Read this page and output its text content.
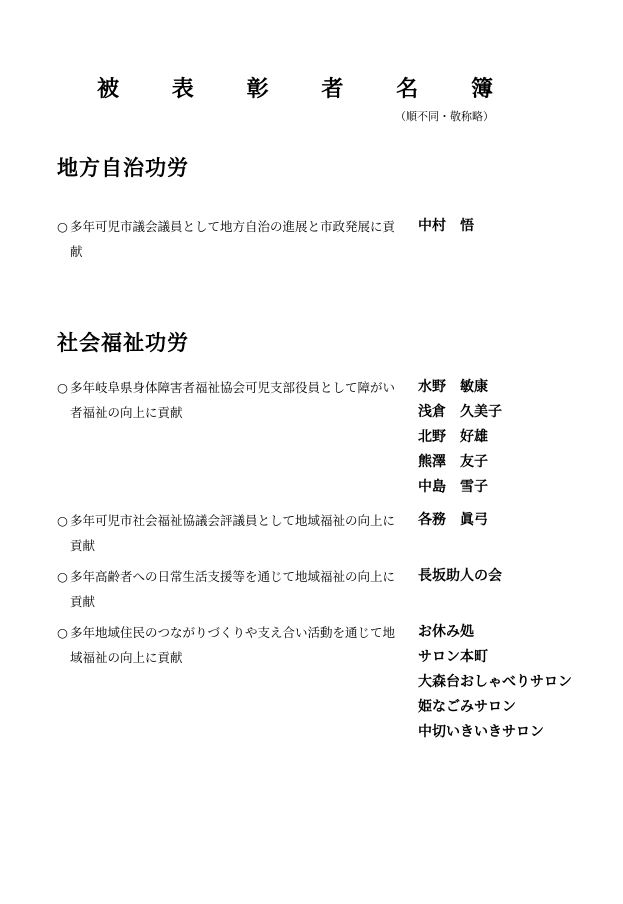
被 表 彰 者 名 簿
（順不同・敬称略）
地方自治功労
○ 多年可児市議会議員として地方自治の進展と市政発展に貢献
中村　悟
社会福祉功労
○ 多年岐阜県身体障害者福祉協会可児支部役員として障がい者福祉の向上に貢献
水野　敏康
浅倉　久美子
北野　好雄
熊澤　友子
中島　雪子
○ 多年可児市社会福祉協議会評議員として地域福祉の向上に貢献
各務　眞弓
○ 多年高齢者への日常生活支援等を通じて地域福祉の向上に貢献
長坂助人の会
○ 多年地域住民のつながりづくりや支え合い活動を通じて地域福祉の向上に貢献
お休み処
サロン本町
大森台おしゃべりサロン
姫なごみサロン
中切いきいきサロン
